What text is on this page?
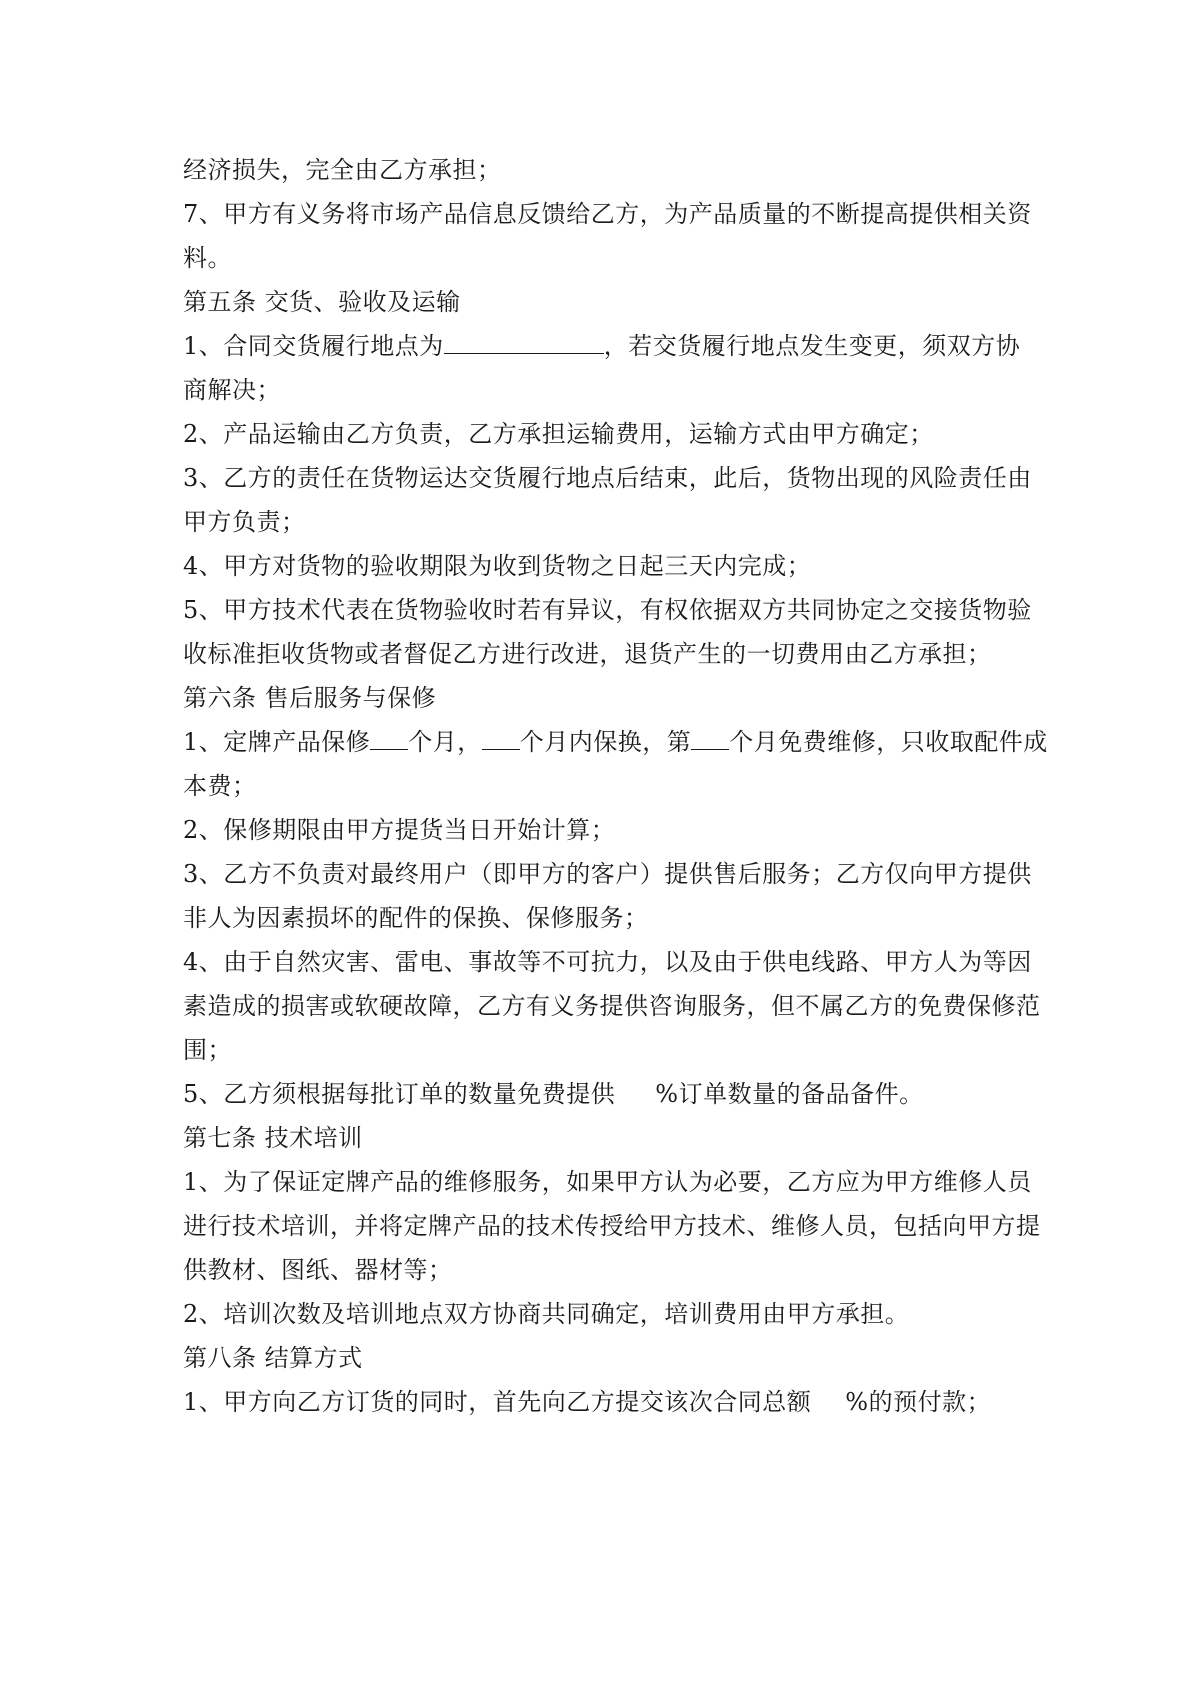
经济损失，完全由乙方承担；
7、甲方有义务将市场产品信息反馈给乙方，为产品质量的不断提高提供相关资
料。
第五条 交货、验收及运输
1、合同交货履行地点为	，若交货履行地点发生变更，须双方协
商解决；
2、产品运输由乙方负责，乙方承担运输费用，运输方式由甲方确定；
3、乙方的责任在货物运达交货履行地点后结束，此后，货物出现的风险责任由
甲方负责；
4、甲方对货物的验收期限为收到货物之日起三天内完成；
5、甲方技术代表在货物验收时若有异议，有权依据双方共同协定之交接货物验
收标准拒收货物或者督促乙方进行改进，退货产生的一切费用由乙方承担；
第六条 售后服务与保修
1、定牌产品保修 个月， 个月内保换，第 个月免费维修，只收取配件成
本费；
2、保修期限由甲方提货当日开始计算；
3、乙方不负责对最终用户（即甲方的客户）提供售后服务；乙方仅向甲方提供
非人为因素损坏的配件的保换、保修服务；
4、由于自然灾害、雷电、事故等不可抗力，以及由于供电线路、甲方人为等因
素造成的损害或软硬故障，乙方有义务提供咨询服务，但不属乙方的免费保修范
围；
5、乙方须根据每批订单的数量免费提供 %订单数量的备品备件。
第七条 技术培训
1、为了保证定牌产品的维修服务，如果甲方认为必要，乙方应为甲方维修人员
进行技术培训，并将定牌产品的技术传授给甲方技术、维修人员，包括向甲方提
供教材、图纸、器材等；
2、培训次数及培训地点双方协商共同确定，培训费用由甲方承担。
第八条 结算方式
1、甲方向乙方订货的同时，首先向乙方提交该次合同总额 %的预付款；
